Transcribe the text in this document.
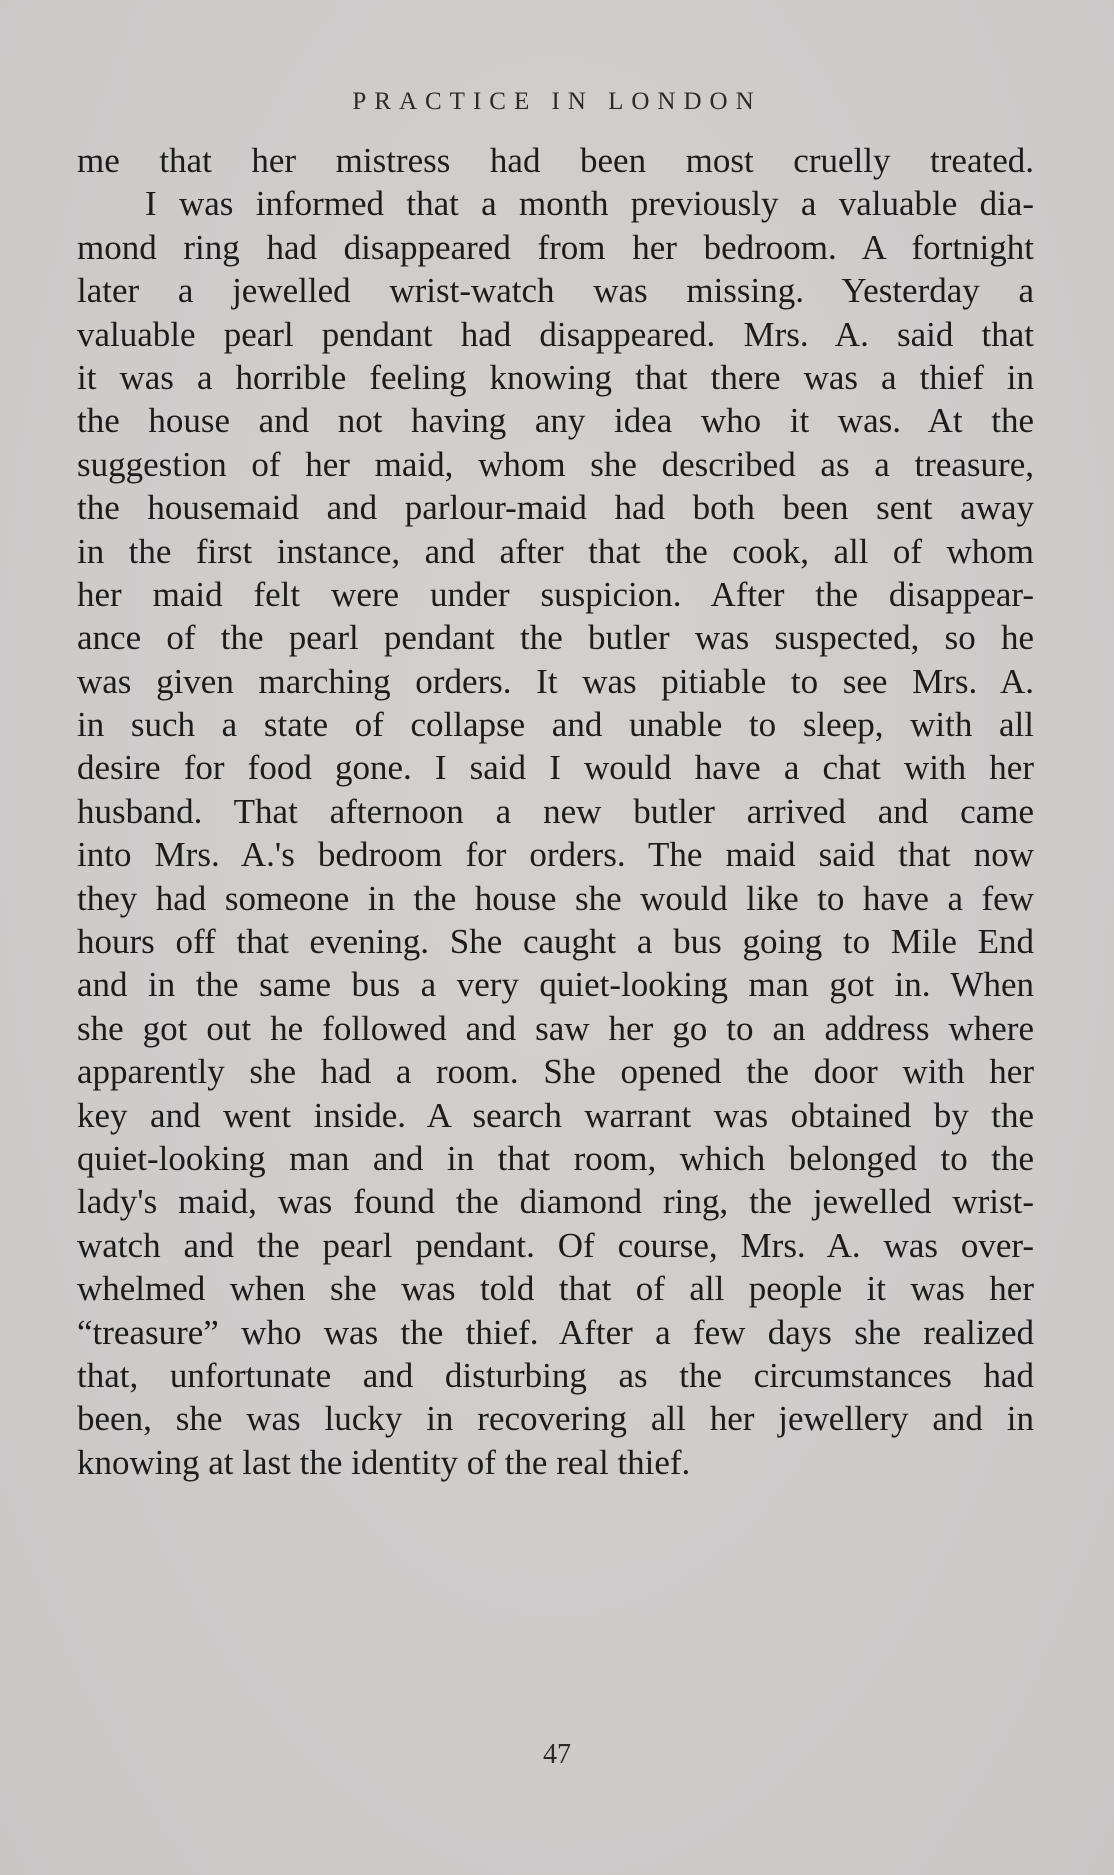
PRACTICE IN LONDON
me that her mistress had been most cruelly treated.
I was informed that a month previously a valuable dia-
mond ring had disappeared from her bedroom. A fortnight
later a jewelled wrist-watch was missing. Yesterday a
valuable pearl pendant had disappeared. Mrs. A. said that
it was a horrible feeling knowing that there was a thief in
the house and not having any idea who it was. At the
suggestion of her maid, whom she described as a treasure,
the housemaid and parlour-maid had both been sent away
in the first instance, and after that the cook, all of whom
her maid felt were under suspicion. After the disappear-
ance of the pearl pendant the butler was suspected, so he
was given marching orders. It was pitiable to see Mrs. A.
in such a state of collapse and unable to sleep, with all
desire for food gone. I said I would have a chat with her
husband. That afternoon a new butler arrived and came
into Mrs. A.'s bedroom for orders. The maid said that now
they had someone in the house she would like to have a few
hours off that evening. She caught a bus going to Mile End
and in the same bus a very quiet-looking man got in. When
she got out he followed and saw her go to an address where
apparently she had a room. She opened the door with her
key and went inside. A search warrant was obtained by the
quiet-looking man and in that room, which belonged to the
lady's maid, was found the diamond ring, the jewelled wrist-
watch and the pearl pendant. Of course, Mrs. A. was over-
whelmed when she was told that of all people it was her
“treasure” who was the thief. After a few days she realized
that, unfortunate and disturbing as the circumstances had
been, she was lucky in recovering all her jewellery and in
knowing at last the identity of the real thief.
47
